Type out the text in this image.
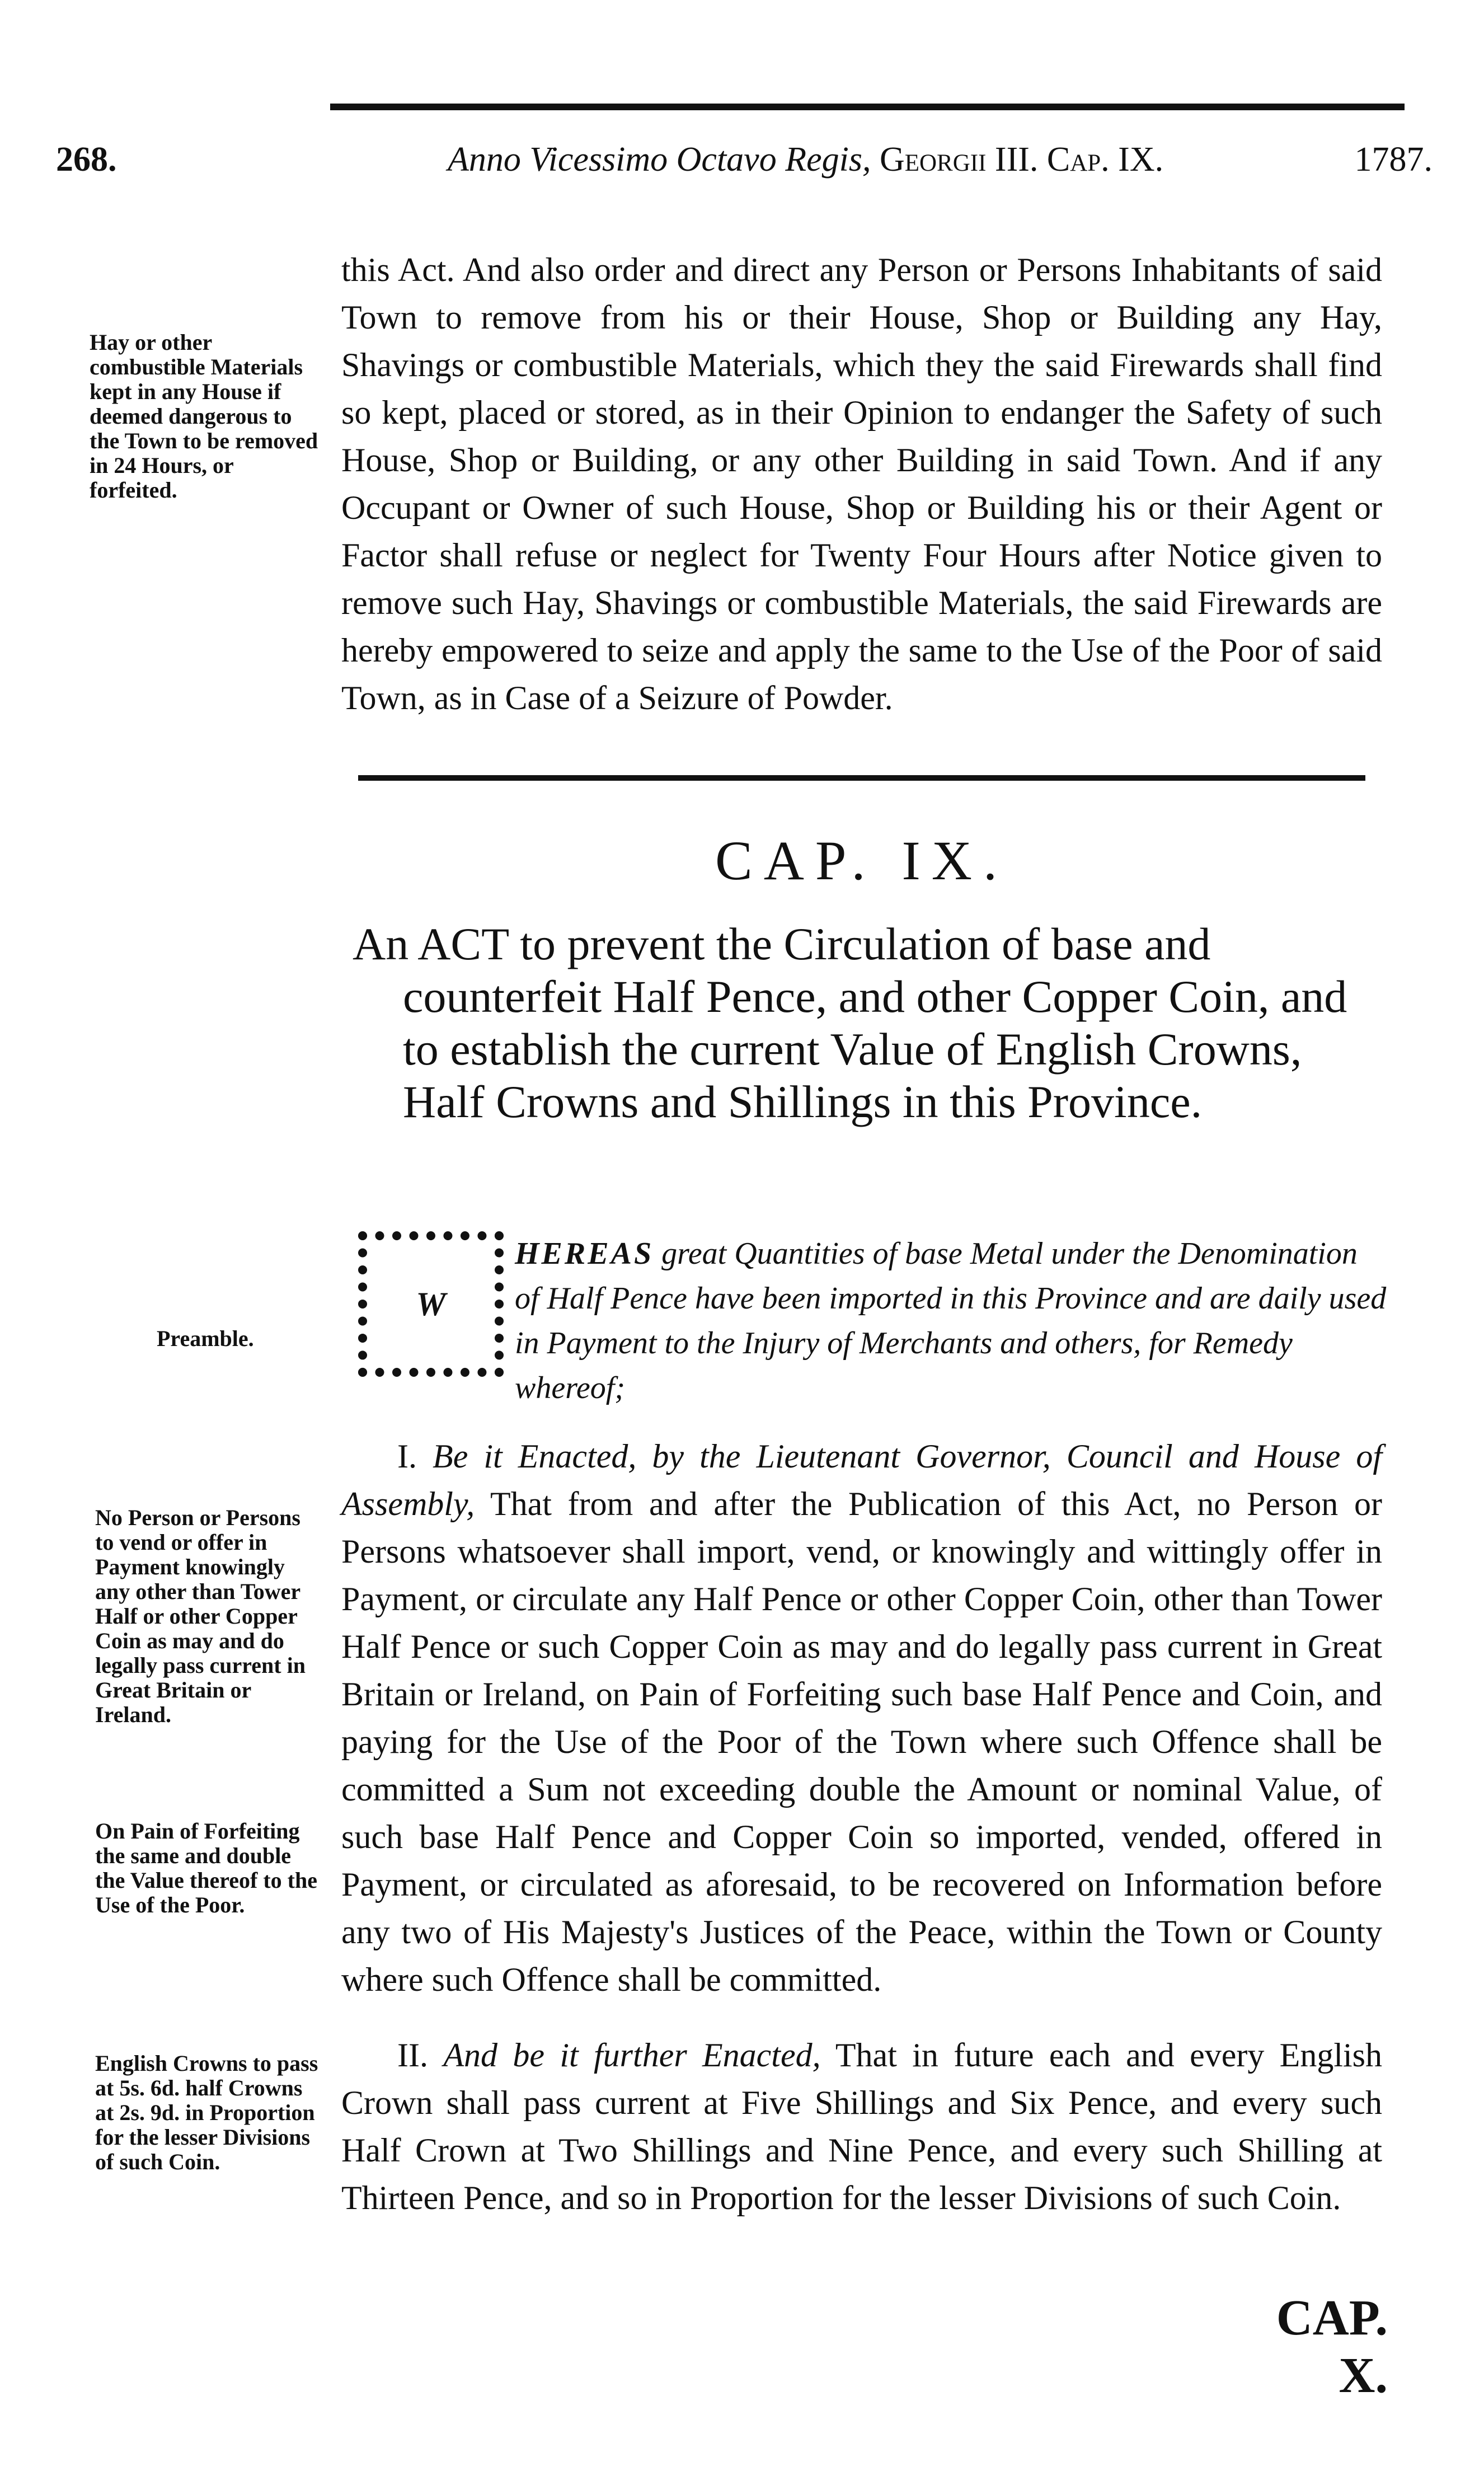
268.	Anno Vicessimo Octavo Regis, Georgii III. Cap. IX.	1787.
Hay or other combustible Materials kept in any House if deemed dangerous to the Town to be removed in 24 Hours, or forfeited.

this Act. And also order and direct any Person or Persons Inhabitants of said Town to remove from his or their House, Shop or Building any Hay, Shavings or combustible Materials, which they the said Firewards shall find so kept, placed or stored, as in their Opinion to endanger the Safety of such House, Shop or Building, or any other Building in said Town. And if any Occupant or Owner of such House, Shop or Building his or their Agent or Factor shall refuse or neglect for Twenty Four Hours after Notice given to remove such Hay, Shavings or combustible Materials, the said Firewards are hereby empowered to seize and apply the same to the Use of the Poor of said Town, as in Case of a Seizure of Powder.

CAP. IX.
An ACT to prevent the Circulation of base and
counterfeit Half Pence, and other Copper Coin, and to establish the current Value of English Crowns, Half Crowns and Shillings in this Province.
Preamble.
W
HEREAS great Quantities of base Metal under the Denomination of Half Pence have been imported in this Province and are daily used in Payment to the Injury of Merchants and others, for Remedy whereof;
No Person or Persons to vend or offer in Payment knowingly any other than Tower Half or other Copper Coin as may and do legally pass current in Great Britain or Ireland.
On Pain of Forfeiting the same and double the Value thereof to the Use of the Poor.

I. Be it Enacted, by the Lieutenant Governor, Council and House of Assembly, That from and after the Publication of this Act, no Person or Persons whatsoever shall import, vend, or knowingly and wittingly offer in Payment, or circulate any Half Pence or other Copper Coin, other than Tower Half Pence or such Copper Coin as may and do legally pass current in Great Britain or Ireland, on Pain of Forfeiting such base Half Pence and Coin, and paying for the Use of the Poor of the Town where such Offence shall be committed a Sum not exceeding double the Amount or nominal Value, of such base Half Pence and Copper Coin so imported, vended, offered in Payment, or circulated as aforesaid, to be recovered on Information before any two of His Majesty's Justices of the Peace, within the Town or County where such Offence shall be committed.

English Crowns to pass at 5s. 6d. half Crowns at 2s. 9d. in Proportion for the lesser Divisions of such Coin.

II. And be it further Enacted, That in future each and every English Crown shall pass current at Five Shillings and Six Pence, and every such Half Crown at Two Shillings and Nine Pence, and every such Shilling at Thirteen Pence, and so in Proportion for the lesser Divisions of such Coin.

CAP. X.
